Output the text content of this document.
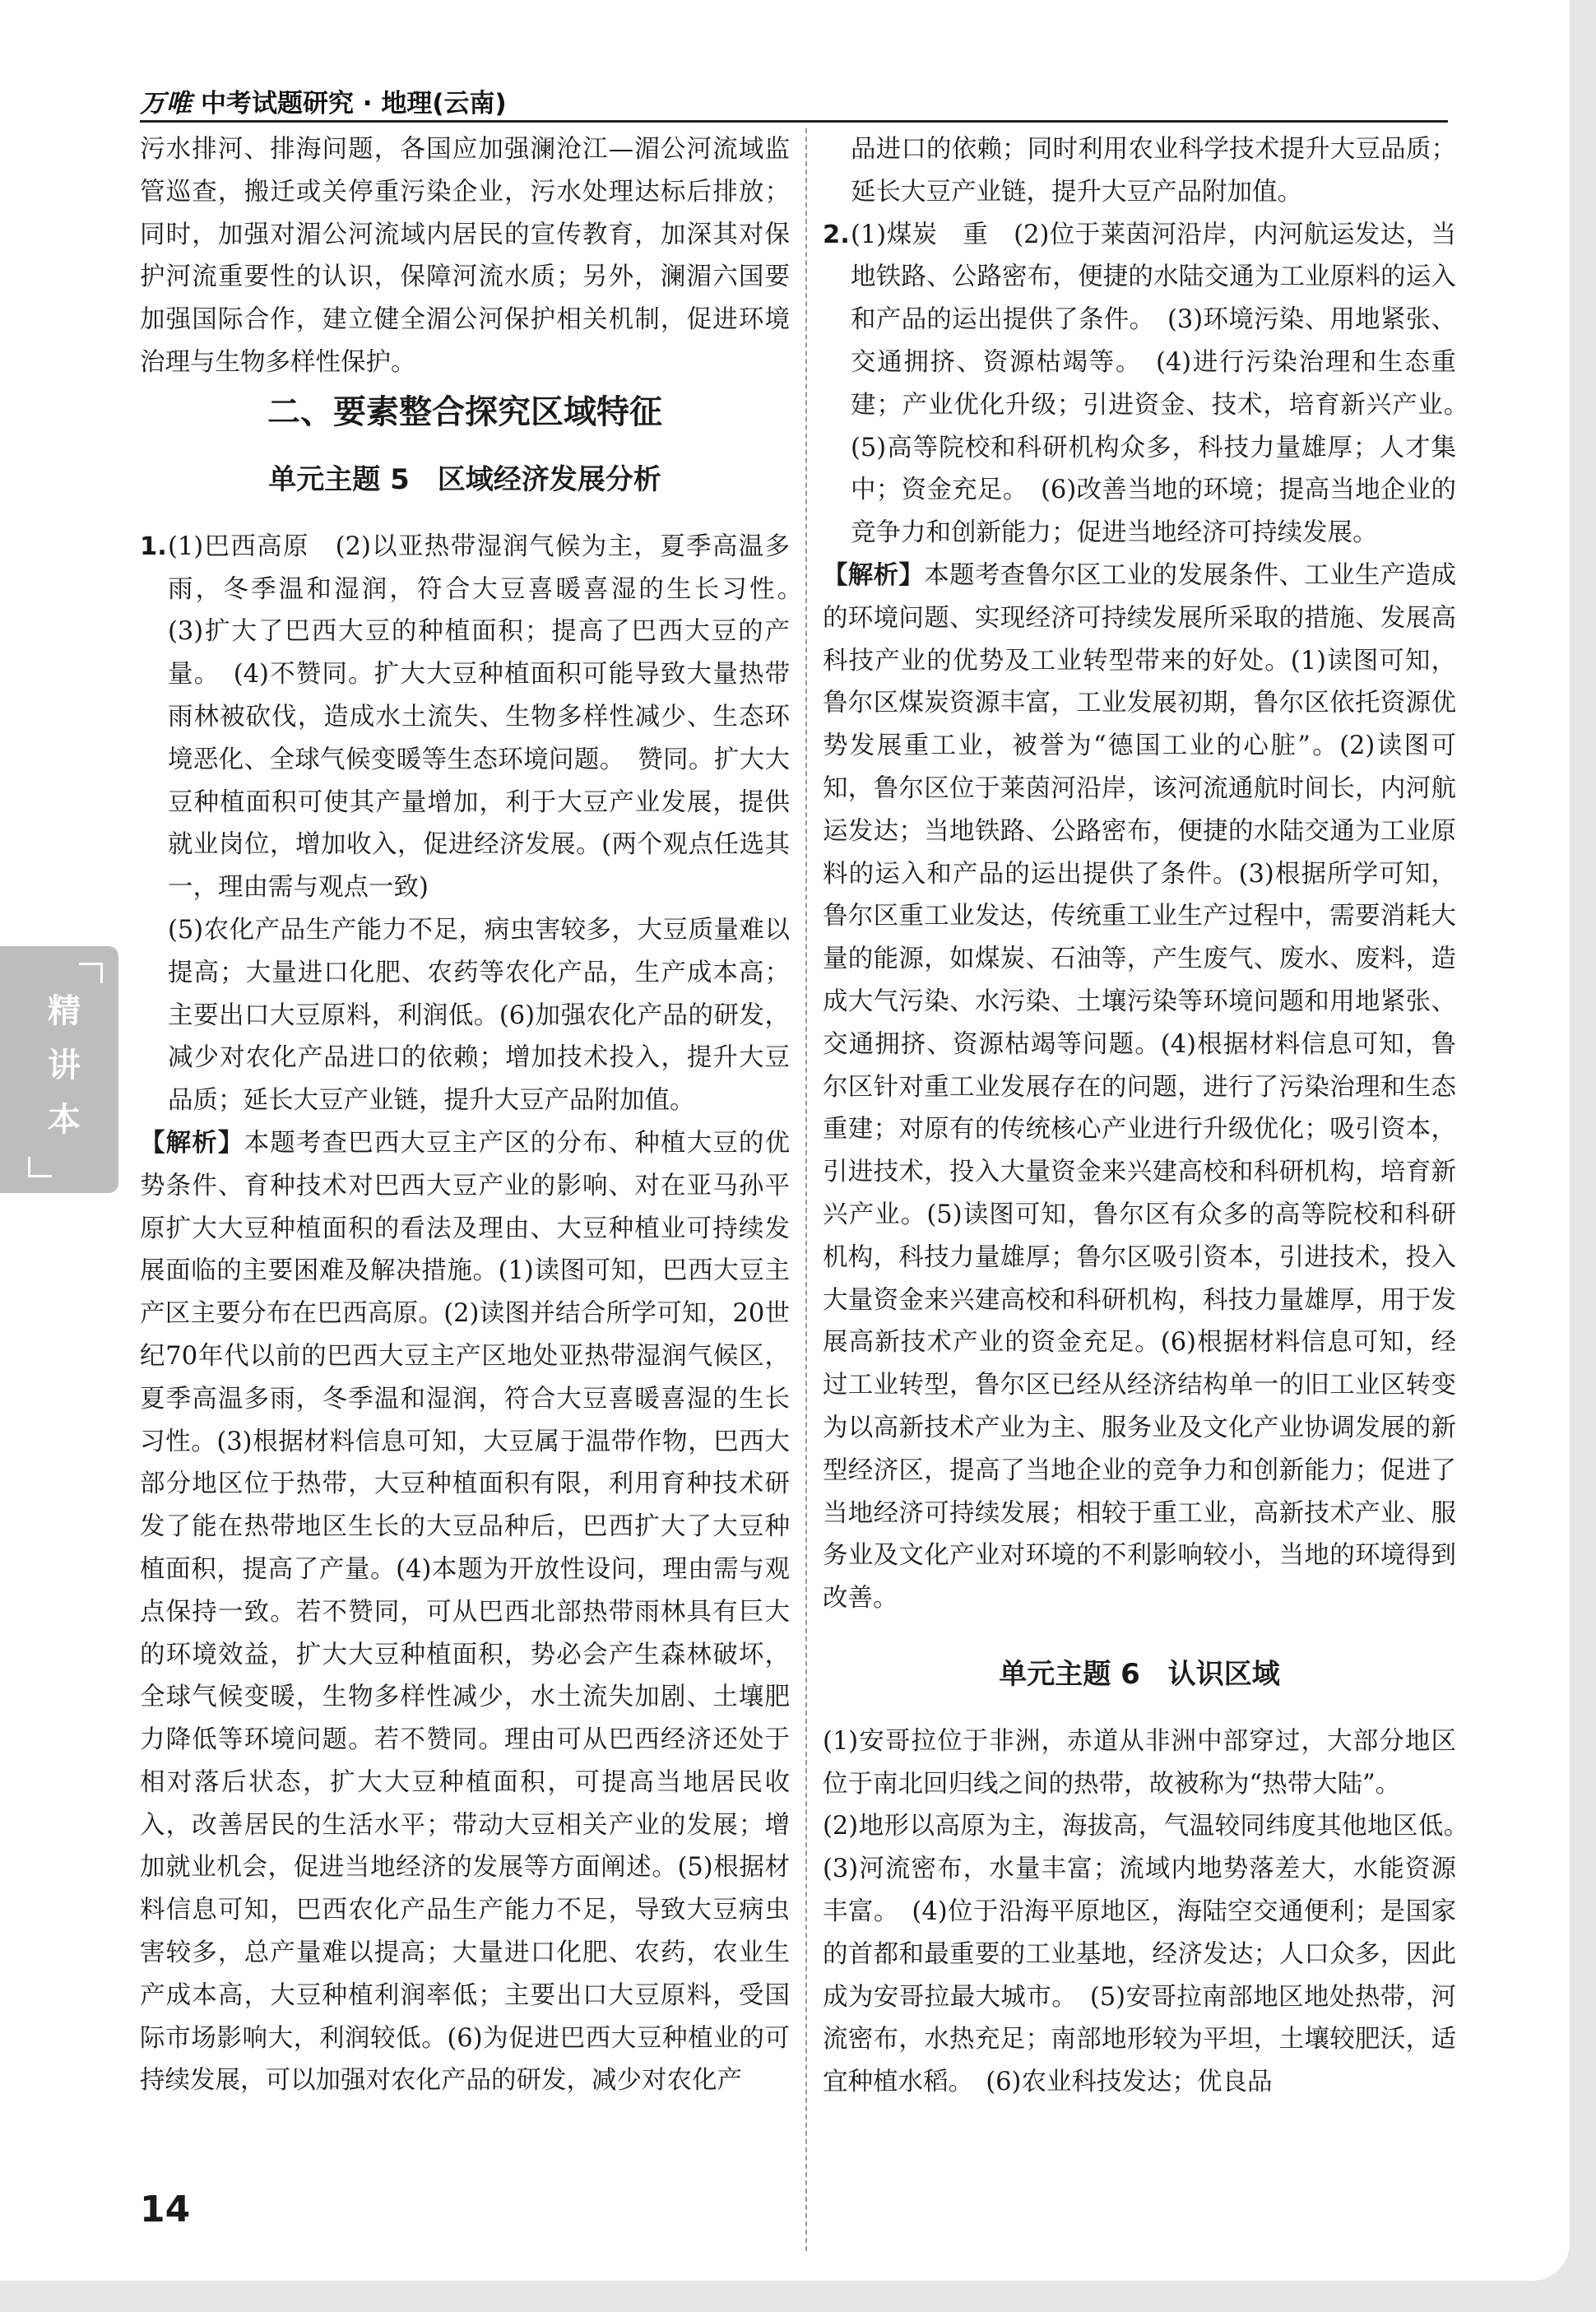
万唯 中考试题研究 · 地理(云南)

污水排河、排海问题，各国应加强澜沧江—湄公河流域监管巡查，搬迁或关停重污染企业，污水处理达标后排放；同时，加强对湄公河流域内居民的宣传教育，加深其对保护河流重要性的认识，保障河流水质；另外，澜湄六国要加强国际合作，建立健全湄公河保护相关机制，促进环境治理与生物多样性保护。

二、要素整合探究区域特征
单元主题 5　区域经济发展分析

1. (1)巴西高原　(2)以亚热带湿润气候为主，夏季高温多雨，冬季温和湿润，符合大豆喜暖喜湿的生长习性。　(3)扩大了巴西大豆的种植面积；提高了巴西大豆的产量。　(4)不赞同。扩大大豆种植面积可能导致大量热带雨林被砍伐，造成水土流失、生物多样性减少、生态环境恶化、全球气候变暖等生态环境问题。　赞同。扩大大豆种植面积可使其产量增加，利于大豆产业发展，提供就业岗位，增加收入，促进经济发展。(两个观点任选其一，理由需与观点一致)

(5)农化产品生产能力不足，病虫害较多，大豆质量难以提高；大量进口化肥、农药等农化产品，生产成本高；主要出口大豆原料，利润低。(6)加强农化产品的研发，减少对农化产品进口的依赖；增加技术投入，提升大豆品质；延长大豆产业链，提升大豆产品附加值。

【解析】本题考查巴西大豆主产区的分布、种植大豆的优势条件、育种技术对巴西大豆产业的影响、对在亚马孙平原扩大大豆种植面积的看法及理由、大豆种植业可持续发展面临的主要困难及解决措施。(1)读图可知，巴西大豆主产区主要分布在巴西高原。(2)读图并结合所学可知，20世纪70年代以前的巴西大豆主产区地处亚热带湿润气候区，夏季高温多雨，冬季温和湿润，符合大豆喜暖喜湿的生长习性。(3)根据材料信息可知，大豆属于温带作物，巴西大部分地区位于热带，大豆种植面积有限，利用育种技术研发了能在热带地区生长的大豆品种后，巴西扩大了大豆种植面积，提高了产量。(4)本题为开放性设问，理由需与观点保持一致。若不赞同，可从巴西北部热带雨林具有巨大的环境效益，扩大大豆种植面积，势必会产生森林破坏，全球气候变暖，生物多样性减少，水土流失加剧、土壤肥力降低等环境问题。若不赞同。理由可从巴西经济还处于相对落后状态，扩大大豆种植面积，可提高当地居民收入，改善居民的生活水平；带动大豆相关产业的发展；增加就业机会，促进当地经济的发展等方面阐述。(5)根据材料信息可知，巴西农化产品生产能力不足，导致大豆病虫害较多，总产量难以提高；大量进口化肥、农药，农业生产成本高，大豆种植利润率低；主要出口大豆原料，受国际市场影响大，利润较低。(6)为促进巴西大豆种植业的可持续发展，可以加强对农化产品的研发，减少对农化产

品进口的依赖；同时利用农业科学技术提升大豆品质；延长大豆产业链，提升大豆产品附加值。

2. (1)煤炭　重　(2)位于莱茵河沿岸，内河航运发达，当地铁路、公路密布，便捷的水陆交通为工业原料的运入和产品的运出提供了条件。　(3)环境污染、用地紧张、交通拥挤、资源枯竭等。　(4)进行污染治理和生态重建；产业优化升级；引进资金、技术，培育新兴产业。　(5)高等院校和科研机构众多，科技力量雄厚；人才集中；资金充足。　(6)改善当地的环境；提高当地企业的竞争力和创新能力；促进当地经济可持续发展。

【解析】本题考查鲁尔区工业的发展条件、工业生产造成的环境问题、实现经济可持续发展所采取的措施、发展高科技产业的优势及工业转型带来的好处。(1)读图可知，鲁尔区煤炭资源丰富，工业发展初期，鲁尔区依托资源优势发展重工业，被誉为“德国工业的心脏”。(2)读图可知，鲁尔区位于莱茵河沿岸，该河流通航时间长，内河航运发达；当地铁路、公路密布，便捷的水陆交通为工业原料的运入和产品的运出提供了条件。(3)根据所学可知，鲁尔区重工业发达，传统重工业生产过程中，需要消耗大量的能源，如煤炭、石油等，产生废气、废水、废料，造成大气污染、水污染、土壤污染等环境问题和用地紧张、交通拥挤、资源枯竭等问题。(4)根据材料信息可知，鲁尔区针对重工业发展存在的问题，进行了污染治理和生态重建；对原有的传统核心产业进行升级优化；吸引资本，引进技术，投入大量资金来兴建高校和科研机构，培育新兴产业。(5)读图可知，鲁尔区有众多的高等院校和科研机构，科技力量雄厚；鲁尔区吸引资本，引进技术，投入大量资金来兴建高校和科研机构，科技力量雄厚，用于发展高新技术产业的资金充足。(6)根据材料信息可知，经过工业转型，鲁尔区已经从经济结构单一的旧工业区转变为以高新技术产业为主、服务业及文化产业协调发展的新型经济区，提高了当地企业的竞争力和创新能力；促进了当地经济可持续发展；相较于重工业，高新技术产业、服务业及文化产业对环境的不利影响较小，当地的环境得到改善。

单元主题 6　认识区域

(1)安哥拉位于非洲，赤道从非洲中部穿过，大部分地区位于南北回归线之间的热带，故被称为“热带大陆”。

(2)地形以高原为主，海拔高，气温较同纬度其他地区低。　(3)河流密布，水量丰富；流域内地势落差大，水能资源丰富。　(4)位于沿海平原地区，海陆空交通便利；是国家的首都和最重要的工业基地，经济发达；人口众多，因此成为安哥拉最大城市。　(5)安哥拉南部地区地处热带，河流密布，水热充足；南部地形较为平坦，土壤较肥沃，适宜种植水稻。　(6)农业科技发达；优良品

精讲本
14
